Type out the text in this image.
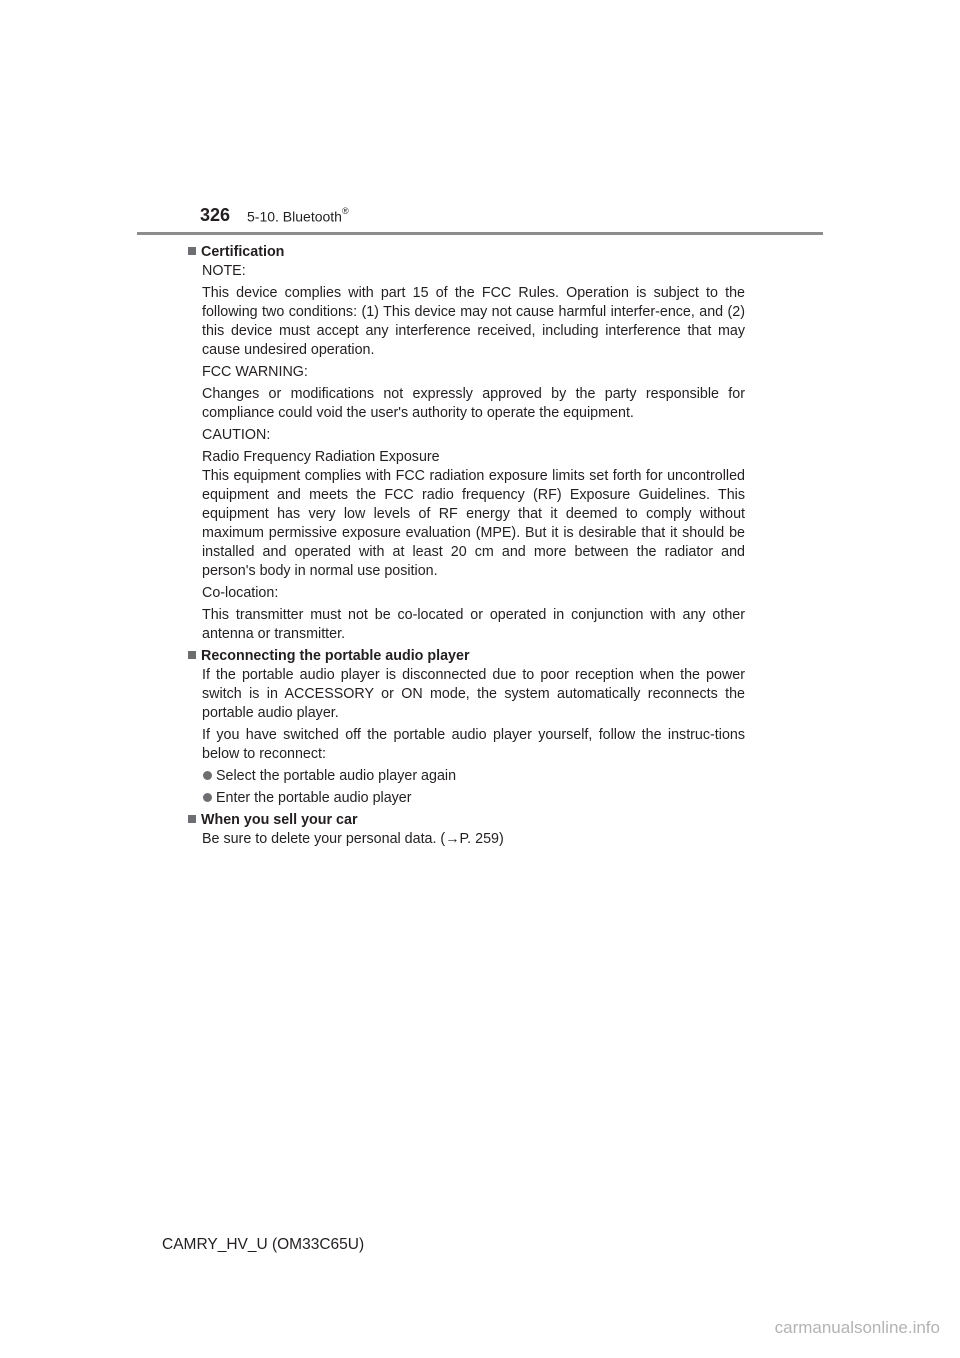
326 5-10. Bluetooth®
Certification

NOTE:

This device complies with part 15 of the FCC Rules. Operation is subject to the following two conditions: (1) This device may not cause harmful interfer-ence, and (2) this device must accept any interference received, including interference that may cause undesired operation.

FCC WARNING:

Changes or modifications not expressly approved by the party responsible for compliance could void the user's authority to operate the equipment.

CAUTION:

Radio Frequency Radiation Exposure

This equipment complies with FCC radiation exposure limits set forth for uncontrolled equipment and meets the FCC radio frequency (RF) Exposure Guidelines. This equipment has very low levels of RF energy that it deemed to comply without maximum permissive exposure evaluation (MPE). But it is desirable that it should be installed and operated with at least 20 cm and more between the radiator and person's body in normal use position.

Co-location:

This transmitter must not be co-located or operated in conjunction with any other antenna or transmitter.

Reconnecting the portable audio player

If the portable audio player is disconnected due to poor reception when the power switch is in ACCESSORY or ON mode, the system automatically reconnects the portable audio player.

If you have switched off the portable audio player yourself, follow the instruc-tions below to reconnect:

Select the portable audio player again
Enter the portable audio player
When you sell your car

Be sure to delete your personal data. (→P. 259)

CAMRY_HV_U (OM33C65U)
carmanualsonline.info
